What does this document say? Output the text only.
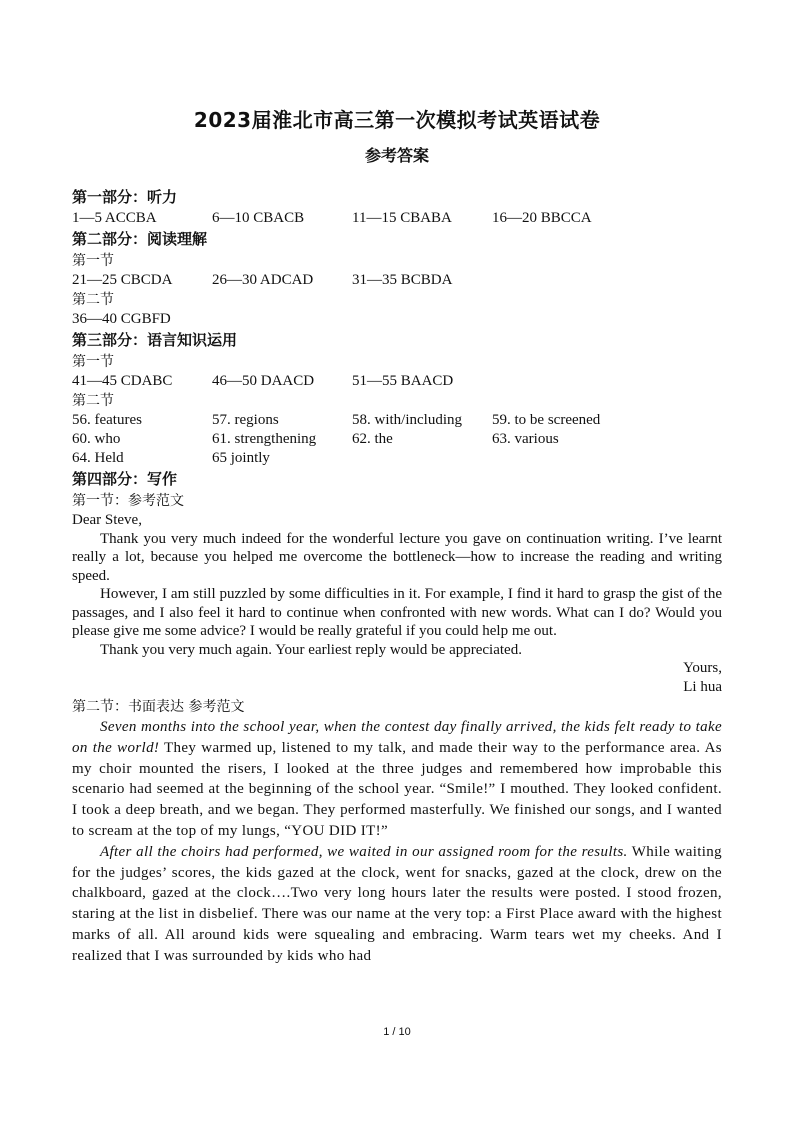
2023届淮北市高三第一次模拟考试英语试卷
参考答案
第一部分：听力
1—5 ACCBA	6—10 CBACB	11—15 CBABA	16—20 BBCCA
第二部分：阅读理解
第一节
21—25 CBCDA	26—30 ADCAD	31—35 BCBDA
第二节
36—40 CGBFD
第三部分：语言知识运用
第一节
41—45 CDABC	46—50 DAACD	51—55 BAACD
第二节
56. features	57. regions	58. with/including	59. to be screened
60. who	61. strengthening	62. the	63. various
64. Held	65 jointly
第四部分：写作
第一节：参考范文

Dear Steve,

Thank you very much indeed for the wonderful lecture you gave on continuation writing. I’ve learnt really a lot, because you helped me overcome the bottleneck—how to increase the reading and writing speed.

However, I am still puzzled by some difficulties in it. For example, I find it hard to grasp the gist of the passages, and I also feel it hard to continue when confronted with new words. What can I do? Would you please give me some advice? I would be really grateful if you could help me out.

Thank you very much again. Your earliest reply would be appreciated.

Yours,
Li hua
第二节：书面表达 参考范文

Seven months into the school year, when the contest day finally arrived, the kids felt ready to take on the world! They warmed up, listened to my talk, and made their way to the performance area. As my choir mounted the risers, I looked at the three judges and remembered how improbable this scenario had seemed at the beginning of the school year. “Smile!” I mouthed. They looked confident. I took a deep breath, and we began. They performed masterfully. We finished our songs, and I wanted to scream at the top of my lungs, “YOU DID IT!”

After all the choirs had performed, we waited in our assigned room for the results. While waiting for the judges’ scores, the kids gazed at the clock, went for snacks, gazed at the clock, drew on the chalkboard, gazed at the clock….Two very long hours later the results were posted. I stood frozen, staring at the list in disbelief. There was our name at the very top: a First Place award with the highest marks of all. All around kids were squealing and embracing. Warm tears wet my cheeks. And I realized that I was surrounded by kids who had

1 / 10
